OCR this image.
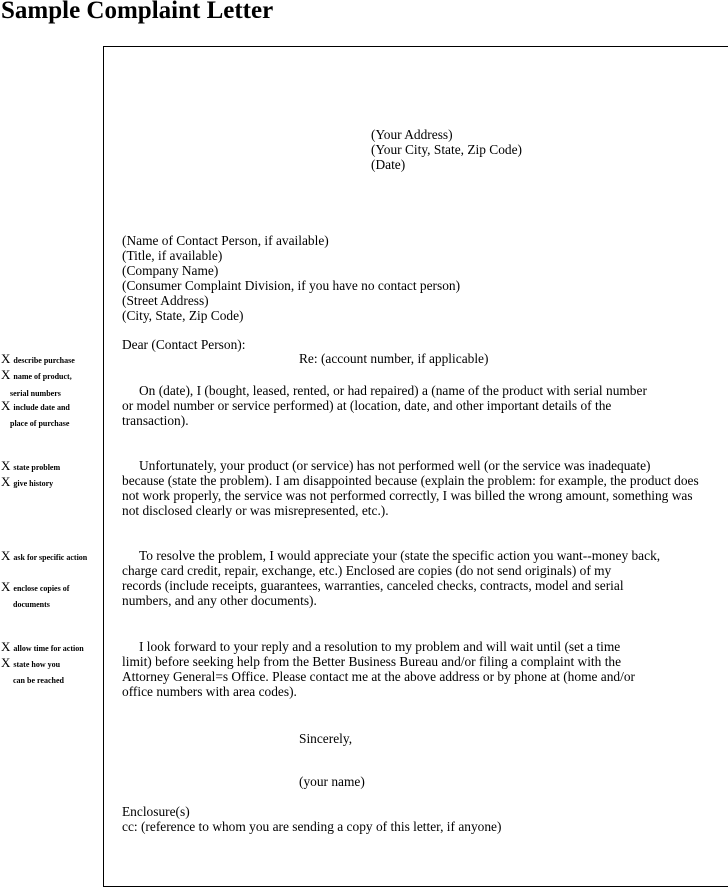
Sample Complaint Letter
Xdescribe purchase
Xname of product,
serial numbers
Xinclude date and
place of purchase
Xstate problem
Xgive history
Xask for specific action
Xenclose copies of
documents
Xallow time for action
Xstate how you
can be reached
(Your Address)
(Your City, State, Zip Code)
(Date)
(Name of Contact Person, if available)
(Title, if available)
(Company Name)
(Consumer Complaint Division, if you have no contact person)
(Street Address)
(City, State, Zip Code)
Dear (Contact Person):
Re: (account number, if applicable)
On (date), I (bought, leased, rented, or had repaired) a (name of the product with serial number
or model number or service performed) at (location, date, and other important details of the
transaction).
Unfortunately, your product (or service) has not performed well (or the service was inadequate)
because (state the problem). I am disappointed because (explain the problem: for example, the product does
not work properly, the service was not performed correctly, I was billed the wrong amount, something was
not disclosed clearly or was misrepresented, etc.).
To resolve the problem, I would appreciate your (state the specific action you want--money back,
charge card credit, repair, exchange, etc.) Enclosed are copies (do not send originals) of my
records (include receipts, guarantees, warranties, canceled checks, contracts, model and serial
numbers, and any other documents).
I look forward to your reply and a resolution to my problem and will wait until (set a time
limit) before seeking help from the Better Business Bureau and/or filing a complaint with the
Attorney General=s Office. Please contact me at the above address or by phone at (home and/or
office numbers with area codes).
Sincerely,
(your name)
Enclosure(s)
cc: (reference to whom you are sending a copy of this letter, if anyone)
